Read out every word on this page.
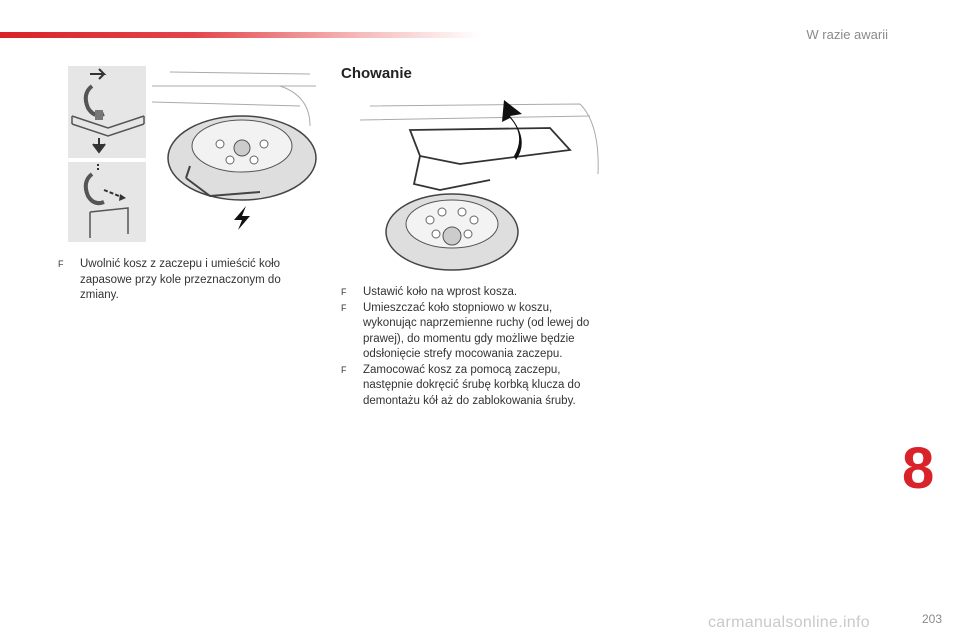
W razie awarii
Chowanie
F Uwolnić kosz z zaczepu i umieścić koło zapasowe przy kole przeznaczonym do zmiany.	F Ustawić koło na wprost kosza.
F Umieszczać koło stopniowo w koszu, wykonując naprzemienne ruchy (od lewej do prawej), do momentu gdy możliwe będzie odsłonięcie strefy mocowania zaczepu.
F Zamocować kosz za pomocą zaczepu, następnie dokręcić śrubę korbką klucza do demontażu kół aż do zablokowania śruby.
8
carmanualsonline.info	203
